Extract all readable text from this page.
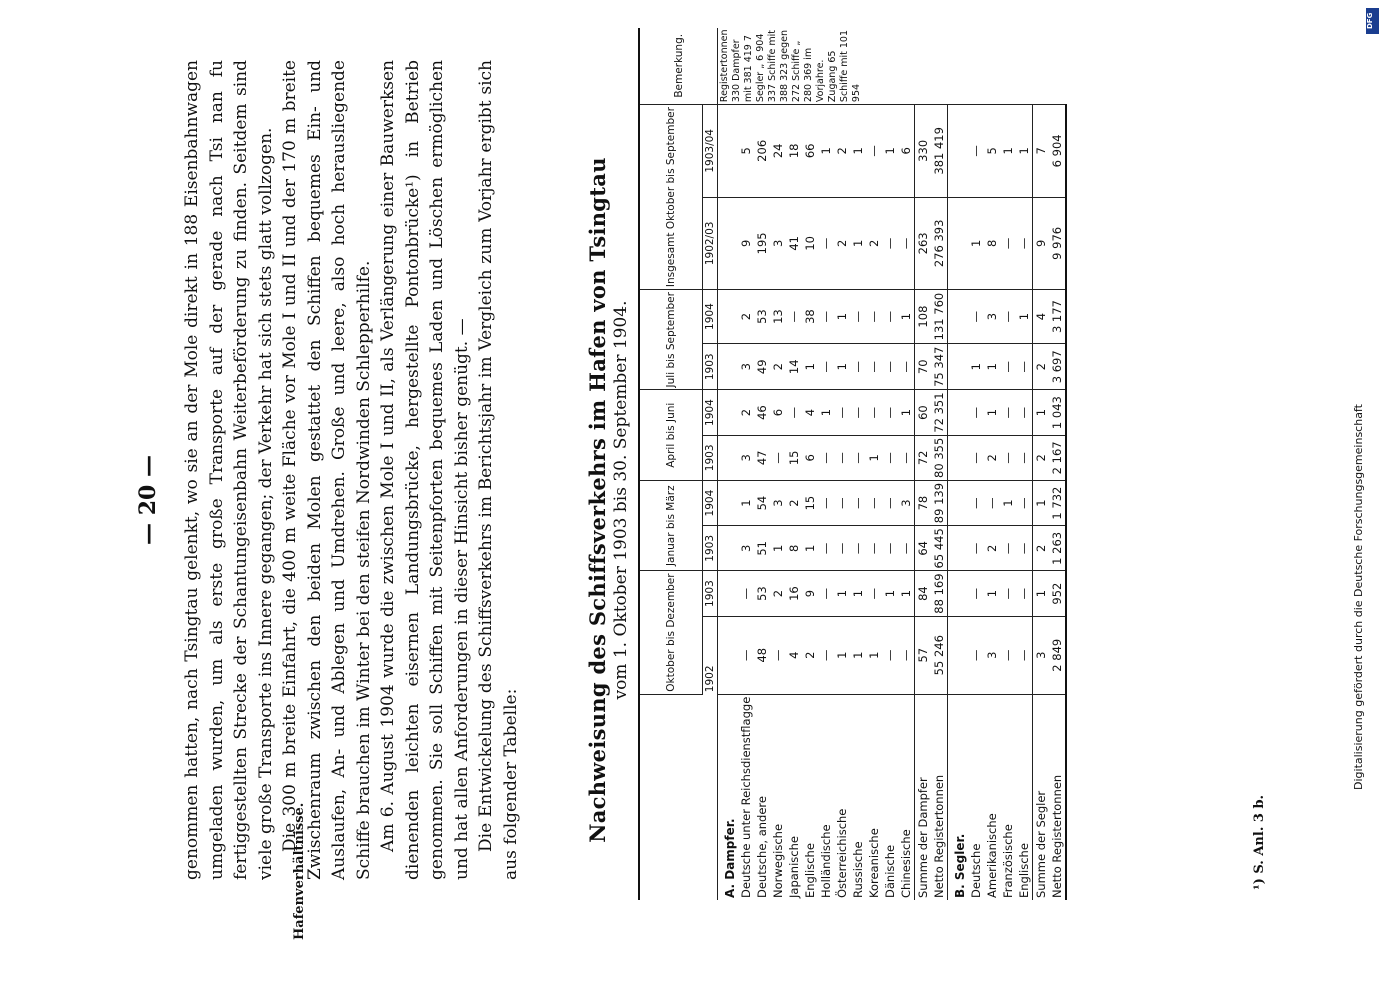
DFG
Digitalisierung gefördert durch die Deutsche Forschungsgemeinschaft
— 20 —
Hafenverhältnisse.

genommen hatten, nach Tsingtau gelenkt, wo sie an der Mole direkt in 188 Eisenbahnwagen umgeladen wurden, um als erste große Transporte auf der gerade nach Tsi nan fu fertiggestellten Strecke der Schantungeisenbahn Weiterbeförderung zu finden. Seitdem sind viele große Transporte ins Innere gegangen; der Verkehr hat sich stets glatt vollzogen. Die 300 m breite Einfahrt, die 400 m weite Fläche vor Mole I und II und der 170 m breite Zwischenraum zwischen den beiden Molen gestattet den Schiffen bequemes Ein- und Auslaufen, An- und Ablegen und Umdrehen. Große und leere, also hoch herausliegende Schiffe brauchen im Winter bei den steifen Nordwinden Schlepperhilfe. Am 6. August 1904 wurde die zwischen Mole I und II, als Verlängerung einer Bauwerksen dienenden leichten eisernen Landungsbrücke, hergestellte Pontonbrücke¹) in Betrieb genommen. Sie soll Schiffen mit Seitenpforten bequemes Laden und Löschen ermöglichen und hat allen Anforderungen in dieser Hinsicht bisher genügt. — Die Entwickelung des Schiffsverkehrs im Berichtsjahr im Vergleich zum Vorjahr ergibt sich aus folgender Tabelle:	Nachweisung des Schiffsverkehrs im Hafen von Tsingtau vom 1. Oktober 1903 bis 30. September 1904.
		Oktober bis Dezember		Januar bis März		April bis Juni		Juli bis September		Insgesamt Oktober bis September		Bemerkung.
	1902	1903	1903	1904	1903	1904	1903	1904	1902/03	1903/04	
A. Dampfer.											Registertonnen 330 Dampfer mit 381 419 7 Segler „ 6 904 337 Schiffe mit 388 323 gegen 272 Schiffe „ 280 369 im Vorjahre. Zugang 65 Schiffe mit 101 954
Deutsche unter Reichsdienstflagge	—	—	3	1	3	2	3	2	9	5	
Deutsche, andere	48	53	51	54	47	46	49	53	195	206	
Norwegische	—	2	1	3	—	6	2	13	3	24	
Japanische	4	16	8	2	15	—	14	—	41	18	
Englische	2	9	1	15	6	4	1	38	10	66	
Holländische	—	—	—	—	—	1	—	—	—	1	
Österreichische	1	1	—	—	—	—	1	1	2	2	
Russische	1	1	—	—	—	—	—	—	1	1	
Koreanische	1	—	—	—	1	—	—	—	2	—	
Dänische	—	1	—	—	—	—	—	—	—	1	
Chinesische	—	1	—	3	—	1	—	1	—	6	
Summe der Dampfer	57	84	64	78	72	60	70	108	263	330	
Netto Registertonnen	55 246	88 169	65 445	89 139	80 355	72 351	75 347	131 760	276 393	381 419	
B. Segler.											
Deutsche	—	—	—	—	—	—	1	—	1	—	
Amerikanische	3	1	2	—	2	1	1	3	8	5	
Französische	—	—	—	1	—	—	—	—	—	1	
Englische	—	—	—	—	—	—	—	1	—	1	
Summe der Segler	3	1	2	1	2	1	2	4	9	7	
Netto Registertonnen	2 849	952	1 263	1 732	2 167	1 043	3 697	3 177	9 976	6 904	
¹) S. Anl. 3 b.
